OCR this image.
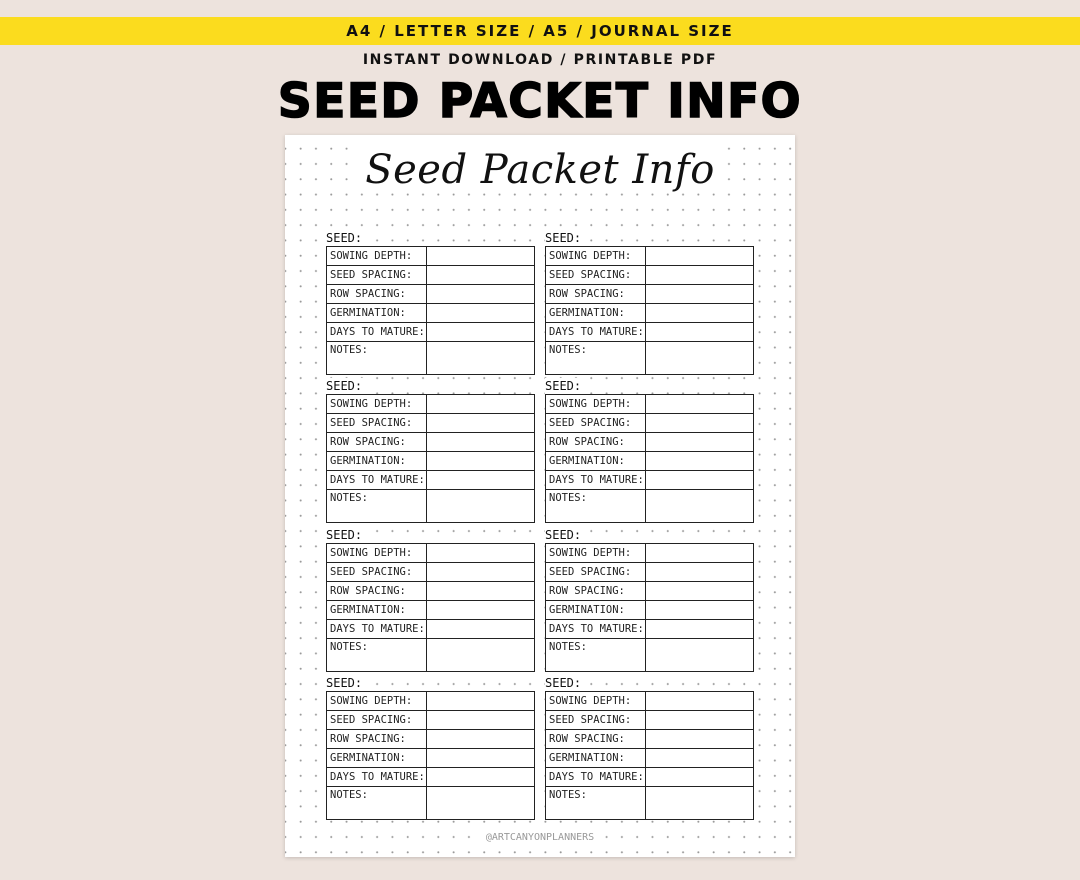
A4 / LETTER SIZE / A5 / JOURNAL SIZE
INSTANT DOWNLOAD / PRINTABLE PDF
SEED PACKET INFO
Seed Packet Info
@ARTCANYONPLANNERS
SEED:
SOWING DEPTH:
SEED SPACING:
ROW SPACING:
GERMINATION:
DAYS TO MATURE:
NOTES:
SEED:
SOWING DEPTH:
SEED SPACING:
ROW SPACING:
GERMINATION:
DAYS TO MATURE:
NOTES:
SEED:
SOWING DEPTH:
SEED SPACING:
ROW SPACING:
GERMINATION:
DAYS TO MATURE:
NOTES:
SEED:
SOWING DEPTH:
SEED SPACING:
ROW SPACING:
GERMINATION:
DAYS TO MATURE:
NOTES:
SEED:
SOWING DEPTH:
SEED SPACING:
ROW SPACING:
GERMINATION:
DAYS TO MATURE:
NOTES:
SEED:
SOWING DEPTH:
SEED SPACING:
ROW SPACING:
GERMINATION:
DAYS TO MATURE:
NOTES:
SEED:
SOWING DEPTH:
SEED SPACING:
ROW SPACING:
GERMINATION:
DAYS TO MATURE:
NOTES:
SEED:
SOWING DEPTH:
SEED SPACING:
ROW SPACING:
GERMINATION:
DAYS TO MATURE:
NOTES:
